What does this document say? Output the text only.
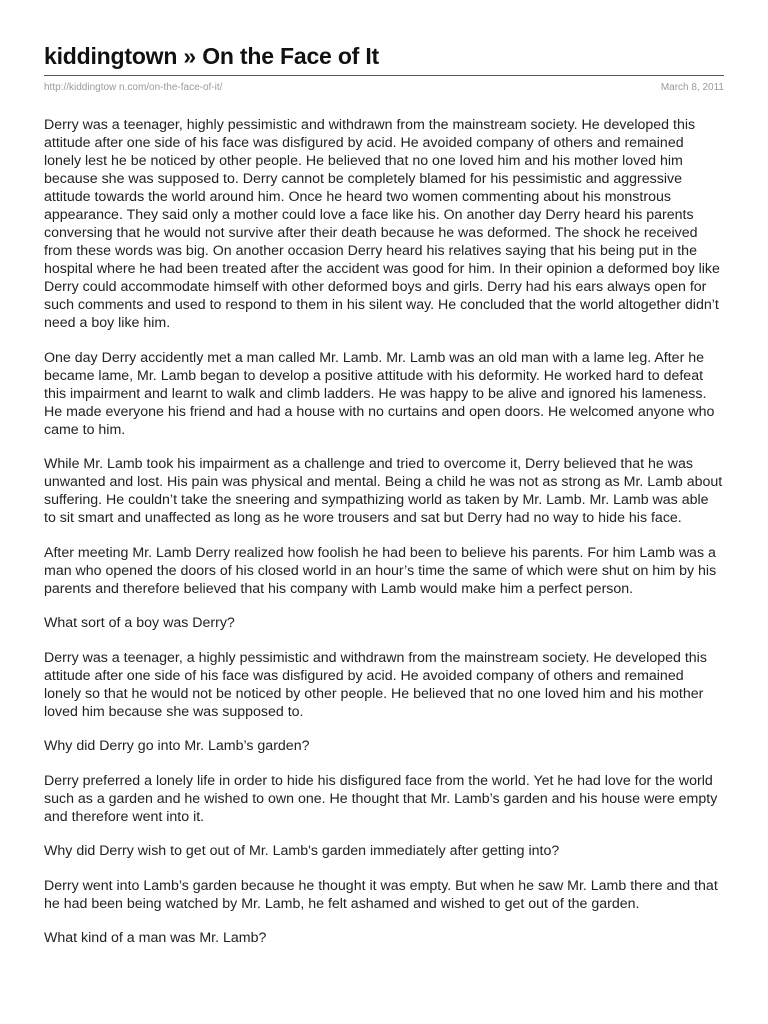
kiddingtown » On the Face of It
http://kiddingtow n.com/on-the-face-of-it/	March 8, 2011

Derry was a teenager, highly pessimistic and withdrawn from the mainstream society. He developed this attitude after one side of his face was disfigured by acid. He avoided company of others and remained lonely lest he be noticed by other people. He believed that no one loved him and his mother loved him because she was supposed to. Derry cannot be completely blamed for his pessimistic and aggressive attitude towards the world around him. Once he heard two women commenting about his monstrous appearance. They said only a mother could love a face like his. On another day Derry heard his parents conversing that he would not survive after their death because he was deformed. The shock he received from these words was big. On another occasion Derry heard his relatives saying that his being put in the hospital where he had been treated after the accident was good for him. In their opinion a deformed boy like Derry could accommodate himself with other deformed boys and girls. Derry had his ears always open for such comments and used to respond to them in his silent way. He concluded that the world altogether didn’t need a boy like him.

One day Derry accidently met a man called Mr. Lamb. Mr. Lamb was an old man with a lame leg. After he became lame, Mr. Lamb began to develop a positive attitude with his deformity. He worked hard to defeat this impairment and learnt to walk and climb ladders. He was happy to be alive and ignored his lameness. He made everyone his friend and had a house with no curtains and open doors. He welcomed anyone who came to him.

While Mr. Lamb took his impairment as a challenge and tried to overcome it, Derry believed that he was unwanted and lost. His pain was physical and mental. Being a child he was not as strong as Mr. Lamb about suffering. He couldn’t take the sneering and sympathizing world as taken by Mr. Lamb. Mr. Lamb was able to sit smart and unaffected as long as he wore trousers and sat but Derry had no way to hide his face.

After meeting Mr. Lamb Derry realized how foolish he had been to believe his parents. For him Lamb was a man who opened the doors of his closed world in an hour’s time the same of which were shut on him by his parents and therefore believed that his company with Lamb would make him a perfect person.

What sort of a boy was Derry?

Derry was a teenager, a highly pessimistic and withdrawn from the mainstream society. He developed this attitude after one side of his face was disfigured by acid. He avoided company of others and remained lonely so that he would not be noticed by other people. He believed that no one loved him and his mother loved him because she was supposed to.

Why did Derry go into Mr. Lamb’s garden?

Derry preferred a lonely life in order to hide his disfigured face from the world. Yet he had love for the world such as a garden and he wished to own one. He thought that Mr. Lamb’s garden and his house were empty and therefore went into it.

Why did Derry wish to get out of Mr. Lamb's garden immediately after getting into?

Derry went into Lamb’s garden because he thought it was empty. But when he saw Mr. Lamb there and that he had been being watched by Mr. Lamb, he felt ashamed and wished to get out of the garden.

What kind of a man was Mr. Lamb?
